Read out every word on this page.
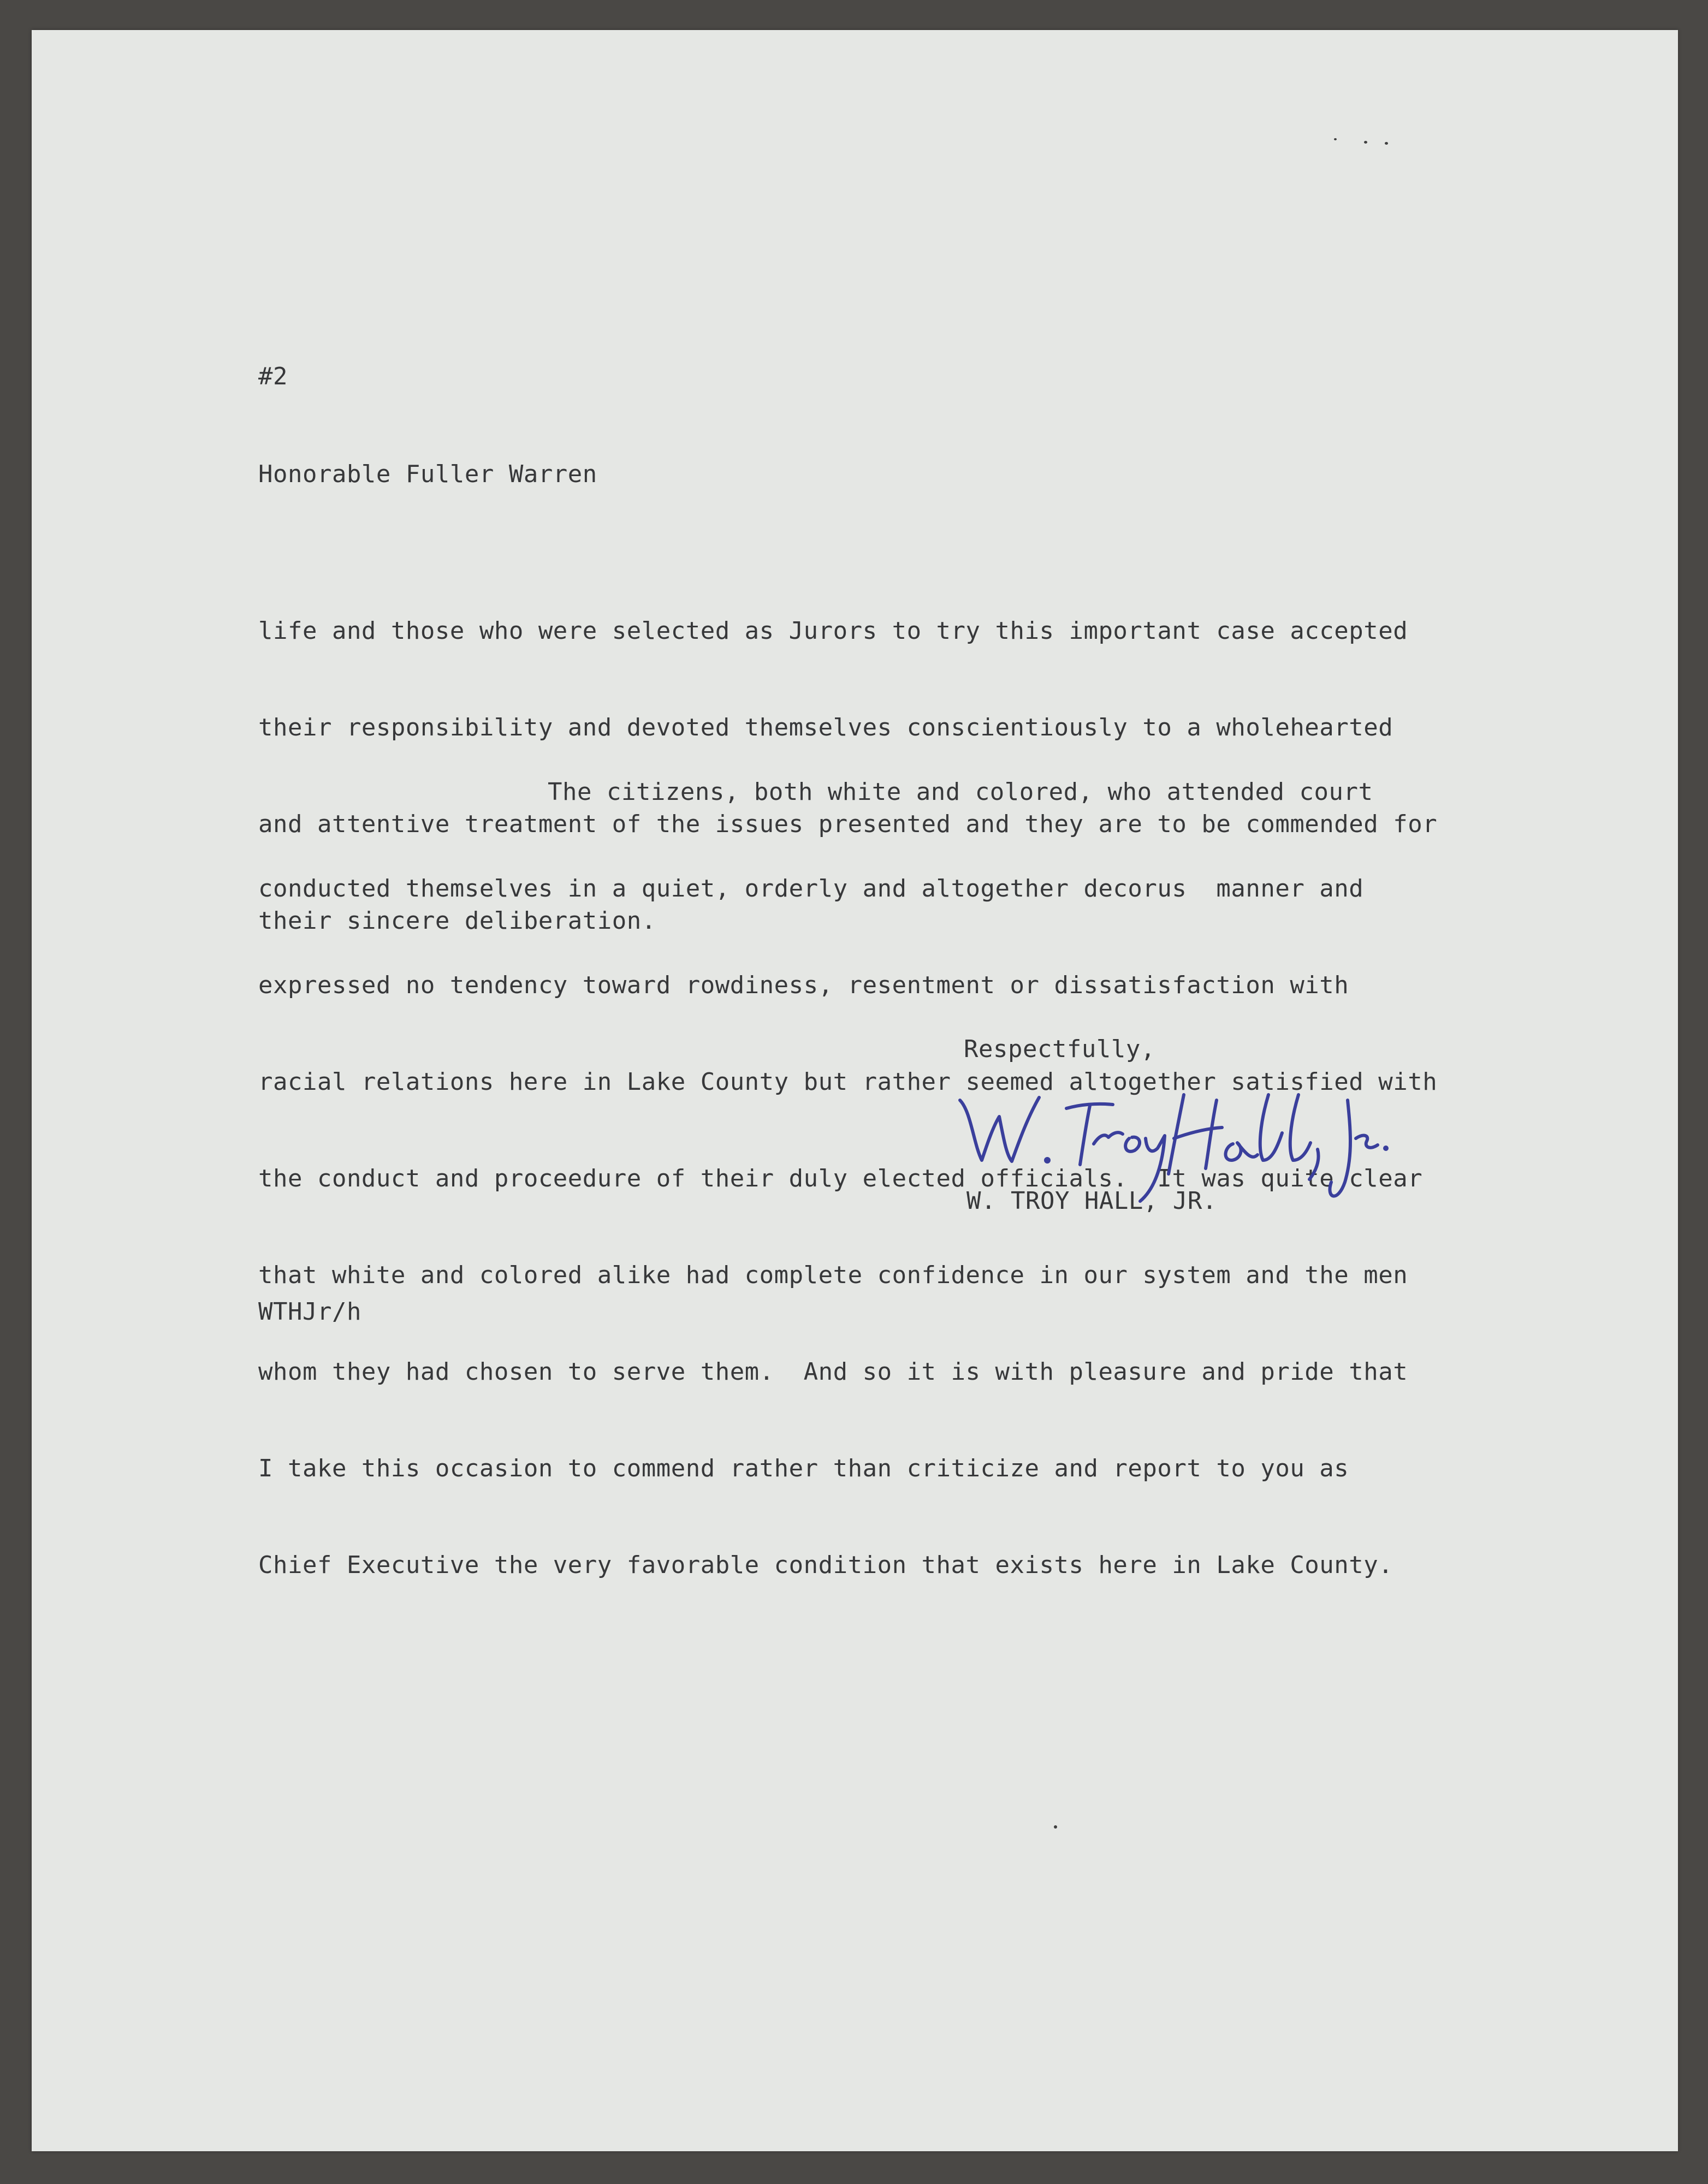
#2
Honorable Fuller Warren

life and those who were selected as Jurors to try this important case accepted

their responsibility and devoted themselves conscientiously to a wholehearted

and attentive treatment of the issues presented and they are to be commended for

their sincere deliberation.

The citizens, both white and colored, who attended court

conducted themselves in a quiet, orderly and altogether decorus  manner and

expressed no tendency toward rowdiness, resentment or dissatisfaction with

racial relations here in Lake County but rather seemed altogether satisfied with

the conduct and proceedure of their duly elected officials.  It was quite clear

that white and colored alike had complete confidence in our system and the men

whom they had chosen to serve them.  And so it is with pleasure and pride that

I take this occasion to commend rather than criticize and report to you as

Chief Executive the very favorable condition that exists here in Lake County.

Respectfully,
W. TROY HALL, JR.
WTHJr/h
